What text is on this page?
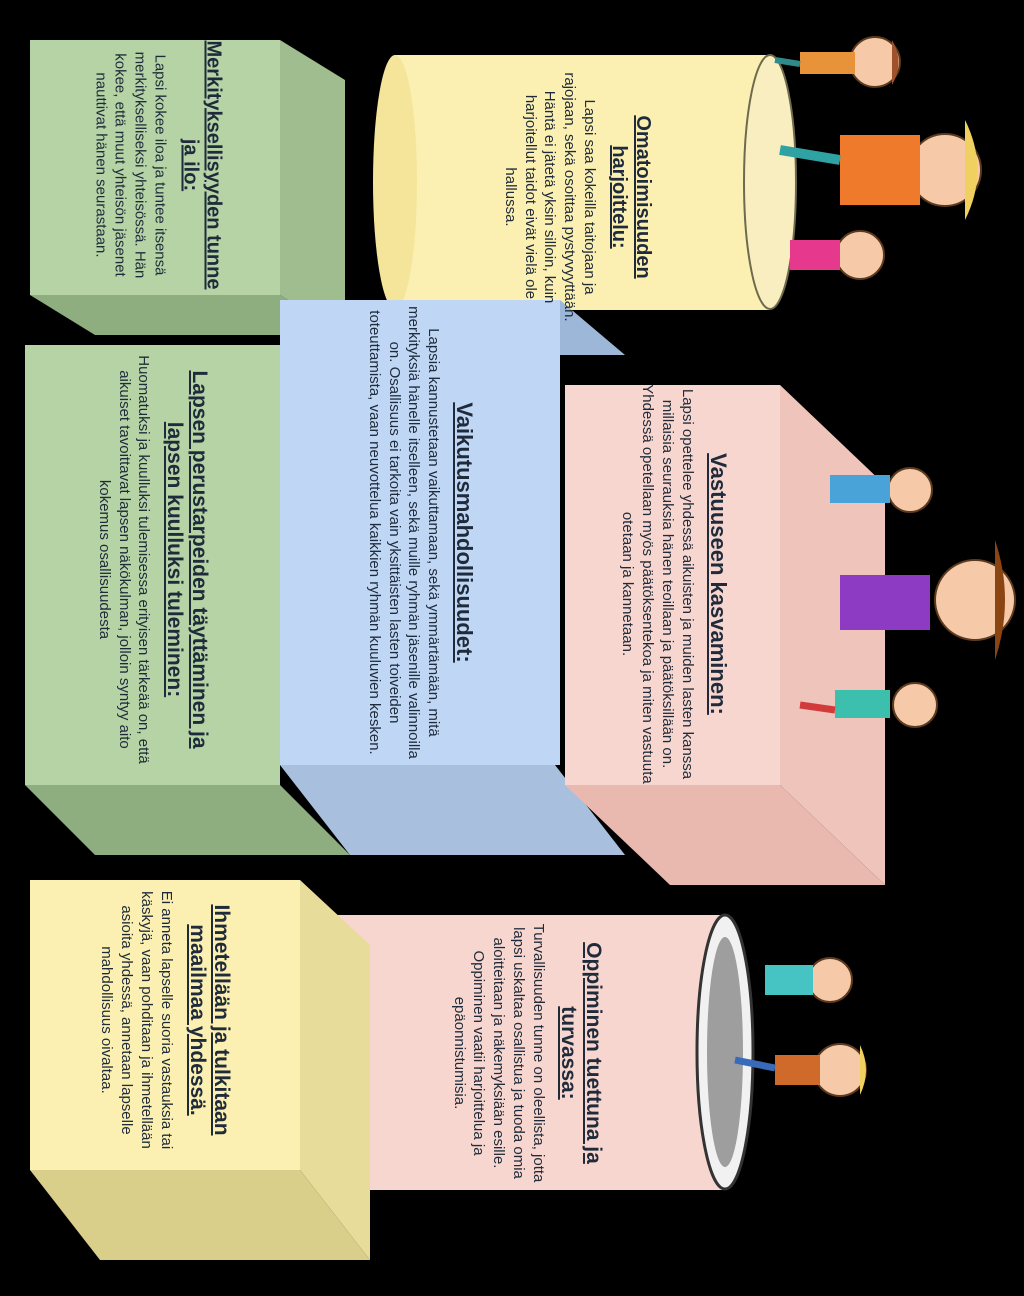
Omatoimisuuden harjoittelu:
Lapsi saa kokeilla taitojaan ja rajojaan, sekä osoittaa pystyvyyttään. Häntä ei jätetä yksin silloin, kuin harjoitellut taidot eivät vielä ole hallussa.
Merkityksellisyyden tunne ja ilo:
Lapsi kokee iloa ja tuntee itsensä merkitykselliseksi yhteisössä. Hän kokee, että muut yhteisön jäsenet nauttivat hänen seurastaan.
Vaikutusmahdollisuudet:
Lapsia kannustetaan vaikuttamaan, sekä ymmärtämään, mitä merkityksiä hänelle itselleen, sekä muille ryhmän jäsenille valinnoilla on. Osallisuus ei tarkoita vain yksittäisten lasten toiveiden toteuttamista, vaan neuvottelua kaikkien ryhmän kuuluvien kesken.	Vastuuseen kasvaminen:
Lapsi opettelee yhdessä aikuisten ja muiden lasten kanssa millaisia seurauksia hänen teoillaan ja päätöksillään on. Yhdessä opetellaan myös päätöksentekoa ja miten vastuuta otetaan ja kannetaan.
Lapsen perustarpeiden täyttäminen ja lapsen kuulluksi tuleminen:
Huomatuksi ja kuulluksi tulemisessa erityisen tärkeää on, että aikuiset tavoittavat lapsen näkökulman, jolloin syntyy aito kokemus osallisuudesta
Oppiminen tuettuna ja turvassa:
Turvallisuuden tunne on oleellista, jotta lapsi uskaltaa osallistua ja tuoda omia aloitteitaan ja näkemyksiään esille. Oppiminen vaatii harjoittelua ja epäonnistumisia.
Ihmetellään ja tulkitaan maailmaa yhdessä.
Ei anneta lapselle suoria vastauksia tai käskyjä, vaan pohditaan ja ihmetellään asioita yhdessä, annetaan lapselle mahdollisuus oivaltaa.
